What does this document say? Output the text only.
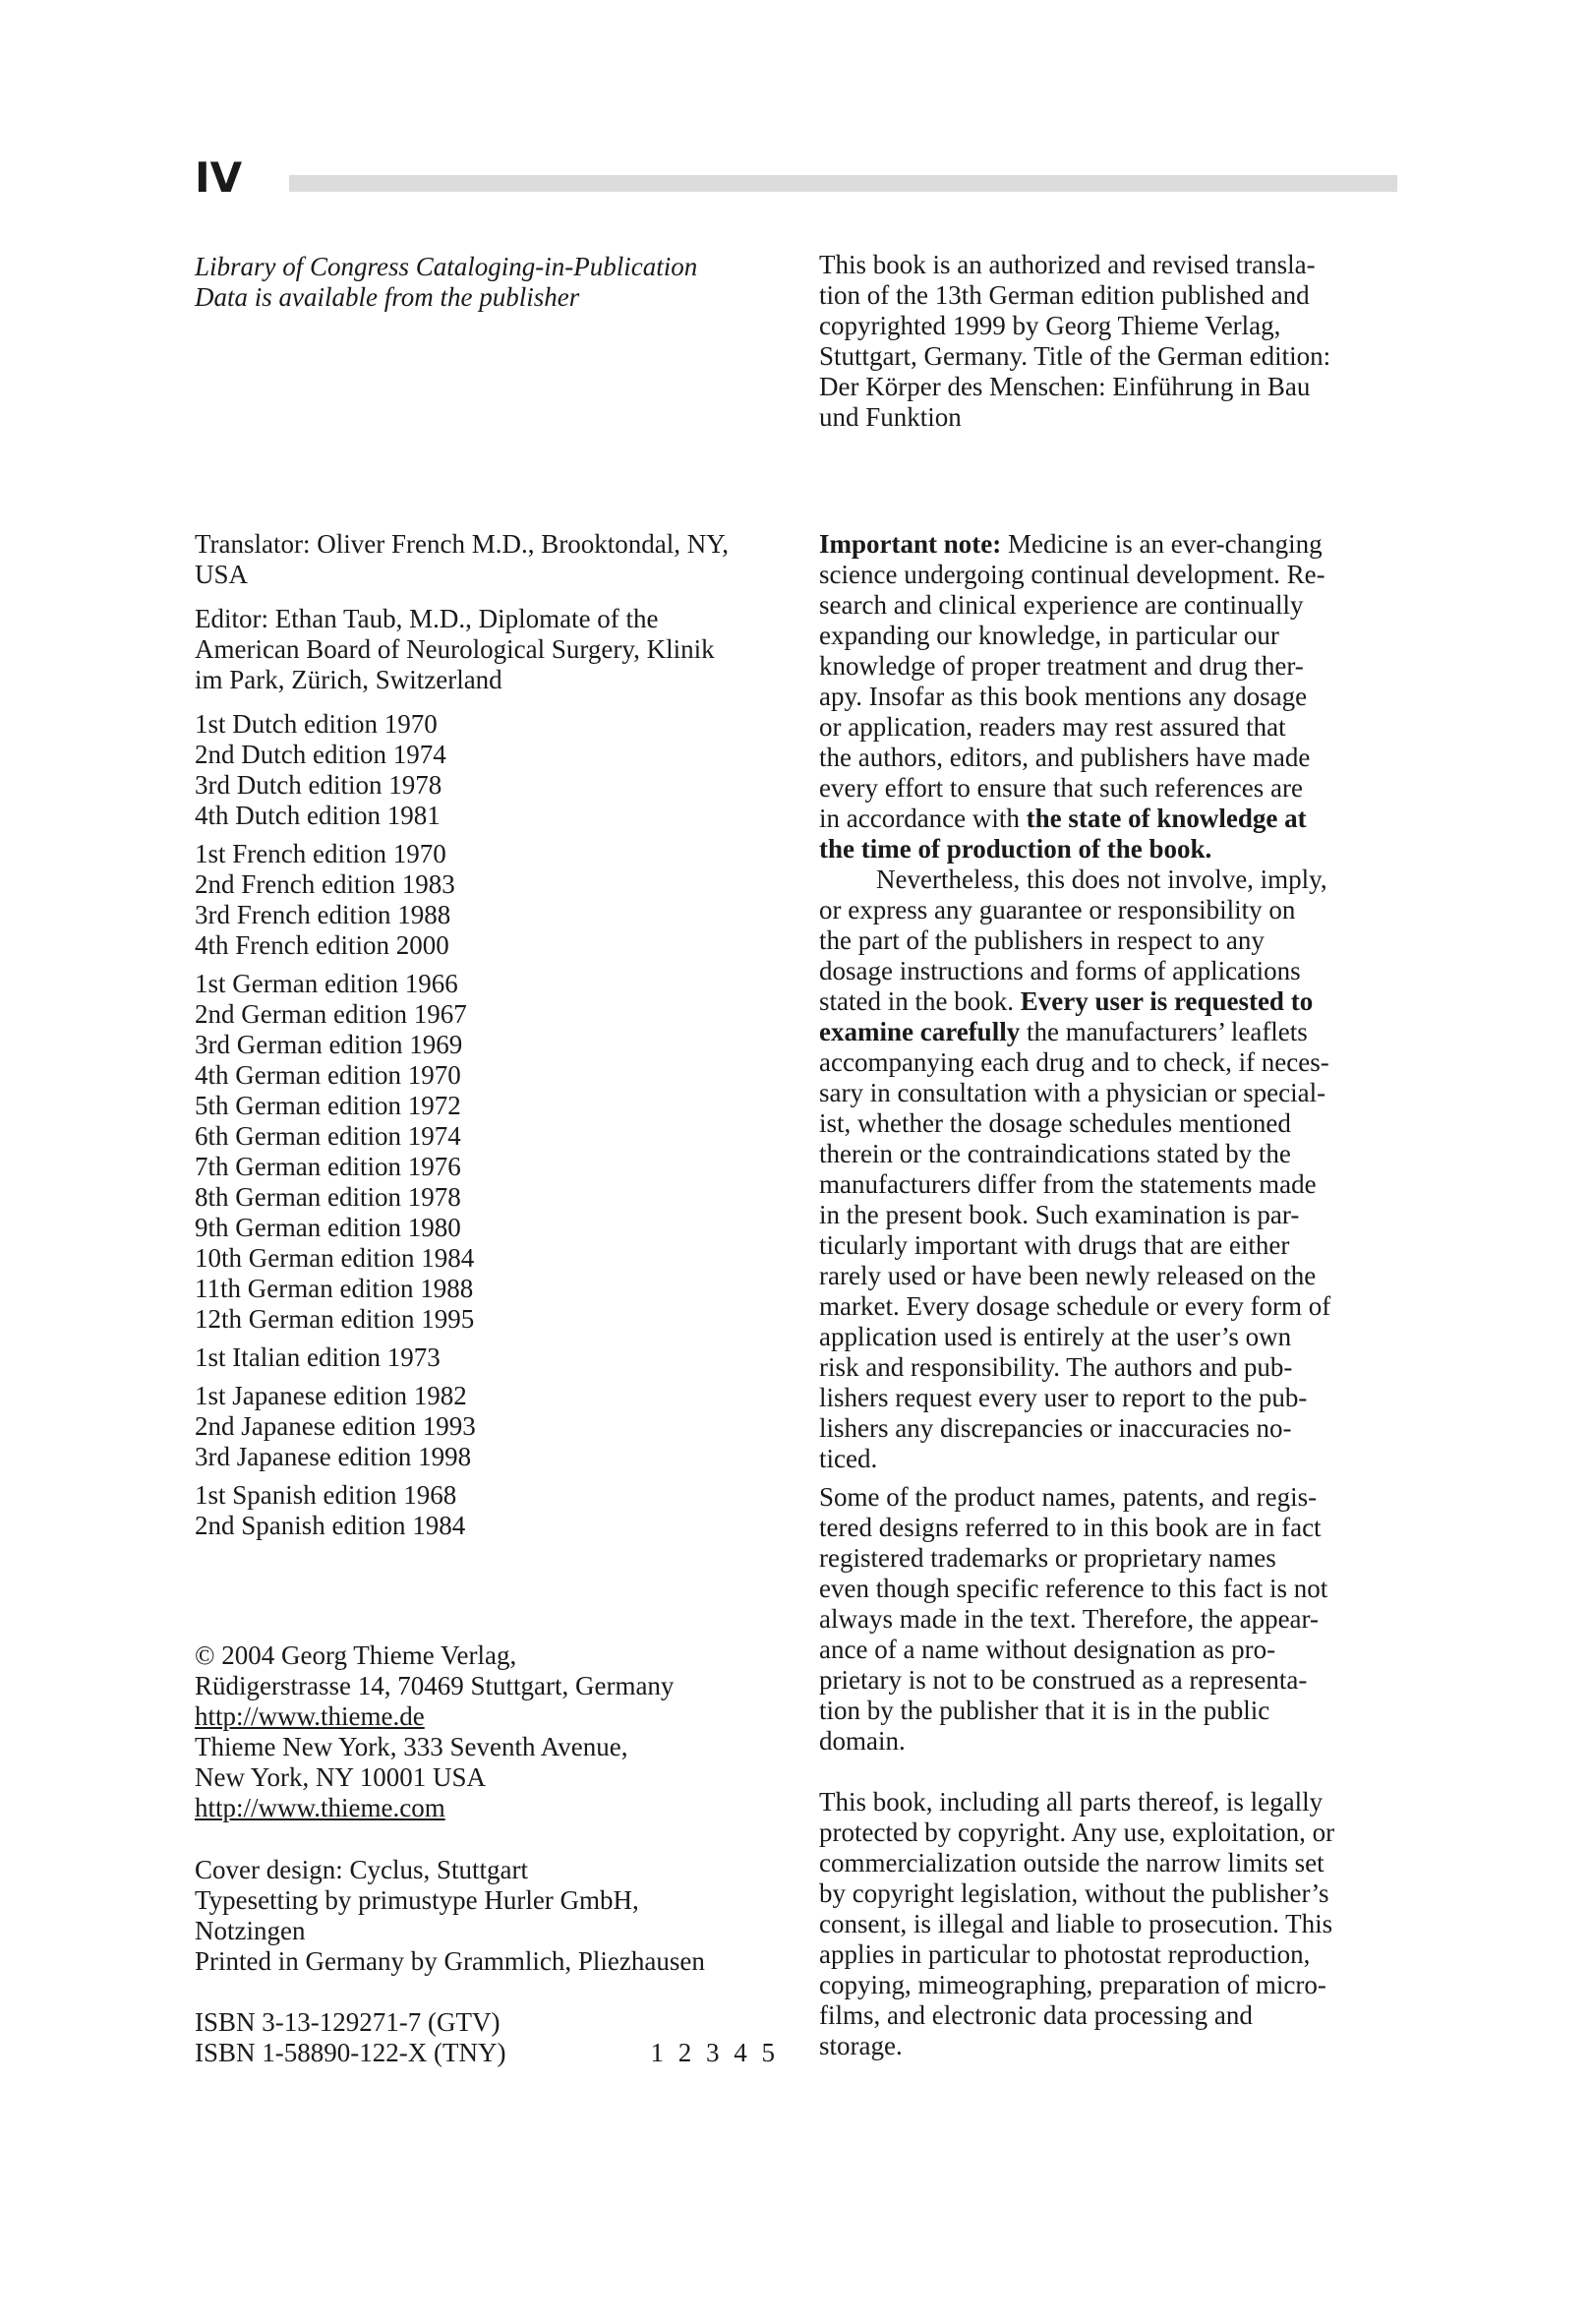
IV
Library of Congress Cataloging-in-Publication
Data is available from the publisher
This book is an authorized and revised transla-
tion of the 13th German edition published and
copyrighted 1999 by Georg Thieme Verlag,
Stuttgart, Germany. Title of the German edition:
Der Körper des Menschen: Einführung in Bau
und Funktion
Translator: Oliver French M.D., Brooktondal, NY,
USA
Editor: Ethan Taub, M.D., Diplomate of the
American Board of Neurological Surgery, Klinik
im Park, Zürich, Switzerland
1st Dutch edition 1970
2nd Dutch edition 1974
3rd Dutch edition 1978
4th Dutch edition 1981
1st French edition 1970
2nd French edition 1983
3rd French edition 1988
4th French edition 2000
1st German edition 1966
2nd German edition 1967
3rd German edition 1969
4th German edition 1970
5th German edition 1972
6th German edition 1974
7th German edition 1976
8th German edition 1978
9th German edition 1980
10th German edition 1984
11th German edition 1988
12th German edition 1995
1st Italian edition 1973
1st Japanese edition 1982
2nd Japanese edition 1993
3rd Japanese edition 1998
1st Spanish edition 1968
2nd Spanish edition 1984
© 2004 Georg Thieme Verlag,
Rüdigerstrasse 14, 70469 Stuttgart, Germany
http://www.thieme.de
Thieme New York, 333 Seventh Avenue,
New York, NY 10001 USA
http://www.thieme.com
Cover design: Cyclus, Stuttgart
Typesetting by primustype Hurler GmbH,
Notzingen
Printed in Germany by Grammlich, Pliezhausen
ISBN 3-13-129271-7 (GTV)
ISBN 1-58890-122-X (TNY)	1 2 3 4 5

Important note: Medicine is an ever-changing
science undergoing continual development. Re-
search and clinical experience are continually
expanding our knowledge, in particular our
knowledge of proper treatment and drug ther-
apy. Insofar as this book mentions any dosage
or application, readers may rest assured that
the authors, editors, and publishers have made
every effort to ensure that such references are
in accordance with the state of knowledge at
the time of production of the book.

Nevertheless, this does not involve, imply,
or express any guarantee or responsibility on
the part of the publishers in respect to any
dosage instructions and forms of applications
stated in the book. Every user is requested to
examine carefully the manufacturers’ leaflets
accompanying each drug and to check, if neces-
sary in consultation with a physician or special-
ist, whether the dosage schedules mentioned
therein or the contraindications stated by the
manufacturers differ from the statements made
in the present book. Such examination is par-
ticularly important with drugs that are either
rarely used or have been newly released on the
market. Every dosage schedule or every form of
application used is entirely at the user’s own
risk and responsibility. The authors and pub-
lishers request every user to report to the pub-
lishers any discrepancies or inaccuracies no-
ticed.

Some of the product names, patents, and regis-
tered designs referred to in this book are in fact
registered trademarks or proprietary names
even though specific reference to this fact is not
always made in the text. Therefore, the appear-
ance of a name without designation as pro-
prietary is not to be construed as a representa-
tion by the publisher that it is in the public
domain.

This book, including all parts thereof, is legally
protected by copyright. Any use, exploitation, or
commercialization outside the narrow limits set
by copyright legislation, without the publisher’s
consent, is illegal and liable to prosecution. This
applies in particular to photostat reproduction,
copying, mimeographing, preparation of micro-
films, and electronic data processing and
storage.
